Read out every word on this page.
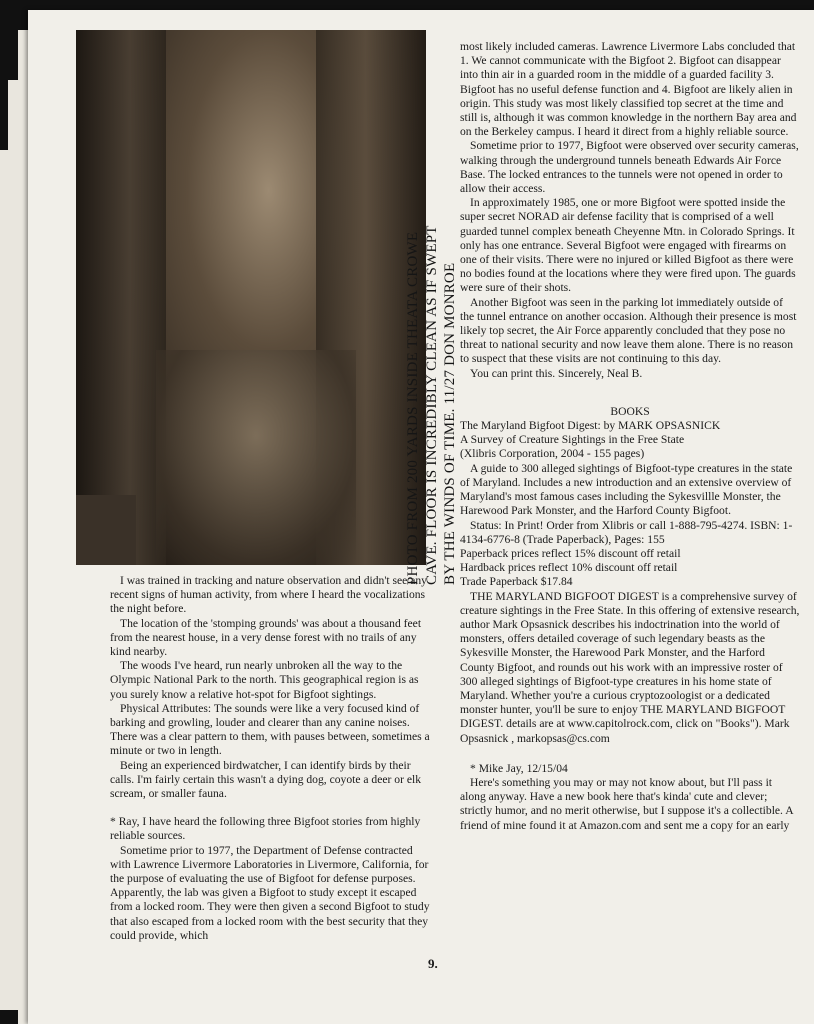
PHOTO FROM 200 YARDS INSIDE THEATA CROWE CAVE. FLOOR IS INCREDIBLY CLEAN AS IF SWEPT BY THE WINDS OF TIME. 11/27 DON MONROE

I was trained in tracking and nature observation and didn't see any recent signs of human activity, from where I heard the vocalizations the night before.

The location of the 'stomping grounds' was about a thousand feet from the nearest house, in a very dense forest with no trails of any kind nearby.

The woods I've heard, run nearly unbroken all the way to the Olympic National Park to the north. This geographical region is as you surely know a relative hot-spot for Bigfoot sightings.

Physical Attributes: The sounds were like a very focused kind of barking and growling, louder and clearer than any canine noises. There was a clear pattern to them, with pauses between, sometimes a minute or two in length.

Being an experienced birdwatcher, I can identify birds by their calls. I'm fairly certain this wasn't a dying dog, coyote a deer or elk scream, or smaller fauna.

* Ray, I have heard the following three Bigfoot stories from highly reliable sources.

Sometime prior to 1977, the Department of Defense contracted with Lawrence Livermore Laboratories in Livermore, California, for the purpose of evaluating the use of Bigfoot for defense purposes. Apparently, the lab was given a Bigfoot to study except it escaped from a locked room. They were then given a second Bigfoot to study that also escaped from a locked room with the best security that they could provide, which

most likely included cameras. Lawrence Livermore Labs concluded that 1. We cannot communicate with the Bigfoot 2. Bigfoot can disappear into thin air in a guarded room in the middle of a guarded facility 3. Bigfoot has no useful defense function and 4. Bigfoot are likely alien in origin. This study was most likely classified top secret at the time and still is, although it was common knowledge in the northern Bay area and on the Berkeley campus. I heard it direct from a highly reliable source.

Sometime prior to 1977, Bigfoot were observed over security cameras, walking through the underground tunnels beneath Edwards Air Force Base. The locked entrances to the tunnels were not opened in order to allow their access.

In approximately 1985, one or more Bigfoot were spotted inside the super secret NORAD air defense facility that is comprised of a well guarded tunnel complex beneath Cheyenne Mtn. in Colorado Springs. It only has one entrance. Several Bigfoot were engaged with firearms on one of their visits. There were no injured or killed Bigfoot as there were no bodies found at the locations where they were fired upon. The guards were sure of their shots.

Another Bigfoot was seen in the parking lot immediately outside of the tunnel entrance on another occasion. Although their presence is most likely top secret, the Air Force apparently concluded that they pose no threat to national security and now leave them alone. There is no reason to suspect that these visits are not continuing to this day.

You can print this. Sincerely, Neal B.

BOOKS

The Maryland Bigfoot Digest: by MARK OPSASNICK

A Survey of Creature Sightings in the Free State

(Xlibris Corporation, 2004 - 155 pages)

A guide to 300 alleged sightings of Bigfoot-type creatures in the state of Maryland. Includes a new introduction and an extensive overview of Maryland's most famous cases including the Sykesvillle Monster, the Harewood Park Monster, and the Harford County Bigfoot.

Status: In Print! Order from Xlibris or call 1-888-795-4274. ISBN: 1-4134-6776-8 (Trade Paperback), Pages: 155

Paperback prices reflect 15% discount off retail

Hardback prices reflect 10% discount off retail

Trade Paperback $17.84

THE MARYLAND BIGFOOT DIGEST is a comprehensive survey of creature sightings in the Free State. In this offering of extensive research, author Mark Opsasnick describes his indoctrination into the world of monsters, offers detailed coverage of such legendary beasts as the Sykesville Monster, the Harewood Park Monster, and the Harford County Bigfoot, and rounds out his work with an impressive roster of 300 alleged sightings of Bigfoot-type creatures in his home state of Maryland. Whether you're a curious cryptozoologist or a dedicated monster hunter, you'll be sure to enjoy THE MARYLAND BIGFOOT DIGEST. details are at www.capitolrock.com, click on "Books"). Mark Opsasnick , markopsas@cs.com

* Mike Jay, 12/15/04

Here's something you may or may not know about, but I'll pass it along anyway. Have a new book here that's kinda' cute and clever; strictly humor, and no merit otherwise, but I suppose it's a collectible. A friend of mine found it at Amazon.com and sent me a copy for an early

9.
